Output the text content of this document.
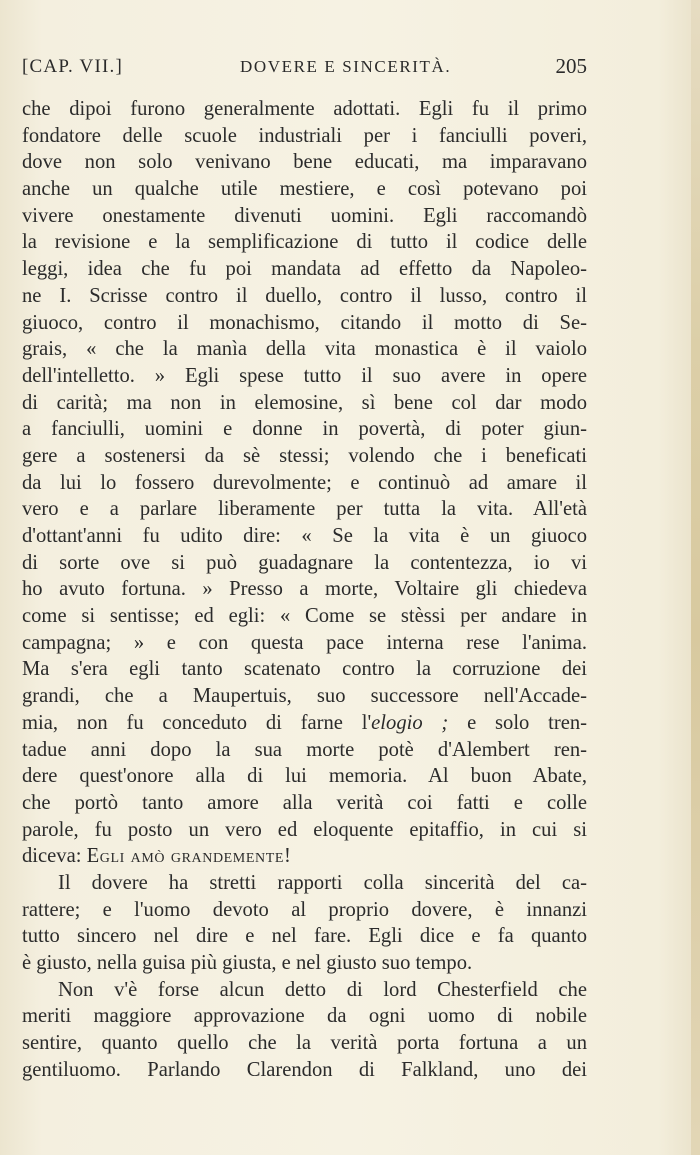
[CAP. VII.]	DOVERE E SINCERITÀ.	205
che dipoi furono generalmente adottati. Egli fu il primo
fondatore delle scuole industriali per i fanciulli poveri,
dove non solo venivano bene educati, ma imparavano
anche un qualche utile mestiere, e così potevano poi
vivere onestamente divenuti uomini. Egli raccomandò
la revisione e la semplificazione di tutto il codice delle
leggi, idea che fu poi mandata ad effetto da Napoleo-
ne I. Scrisse contro il duello, contro il lusso, contro il
giuoco, contro il monachismo, citando il motto di Se-
grais, « che la manìa della vita monastica è il vaiolo
dell'intelletto. » Egli spese tutto il suo avere in opere
di carità; ma non in elemosine, sì bene col dar modo
a fanciulli, uomini e donne in povertà, di poter giun-
gere a sostenersi da sè stessi; volendo che i beneficati
da lui lo fossero durevolmente; e continuò ad amare il
vero e a parlare liberamente per tutta la vita. All'età
d'ottant'anni fu udito dire: « Se la vita è un giuoco
di sorte ove si può guadagnare la contentezza, io vi
ho avuto fortuna. » Presso a morte, Voltaire gli chiedeva
come si sentisse; ed egli: « Come se stèssi per andare in
campagna; » e con questa pace interna rese l'anima.
Ma s'era egli tanto scatenato contro la corruzione dei
grandi, che a Maupertuis, suo successore nell'Accade-
mia, non fu conceduto di farne l'elogio ; e solo tren-
tadue anni dopo la sua morte potè d'Alembert ren-
dere quest'onore alla di lui memoria. Al buon Abate,
che portò tanto amore alla verità coi fatti e colle
parole, fu posto un vero ed eloquente epitaffio, in cui si
diceva: Egli amò grandemente!
Il dovere ha stretti rapporti colla sincerità del ca-
rattere; e l'uomo devoto al proprio dovere, è innanzi
tutto sincero nel dire e nel fare. Egli dice e fa quanto
è giusto, nella guisa più giusta, e nel giusto suo tempo.
Non v'è forse alcun detto di lord Chesterfield che
meriti maggiore approvazione da ogni uomo di nobile
sentire, quanto quello che la verità porta fortuna a un
gentiluomo. Parlando Clarendon di Falkland, uno dei
